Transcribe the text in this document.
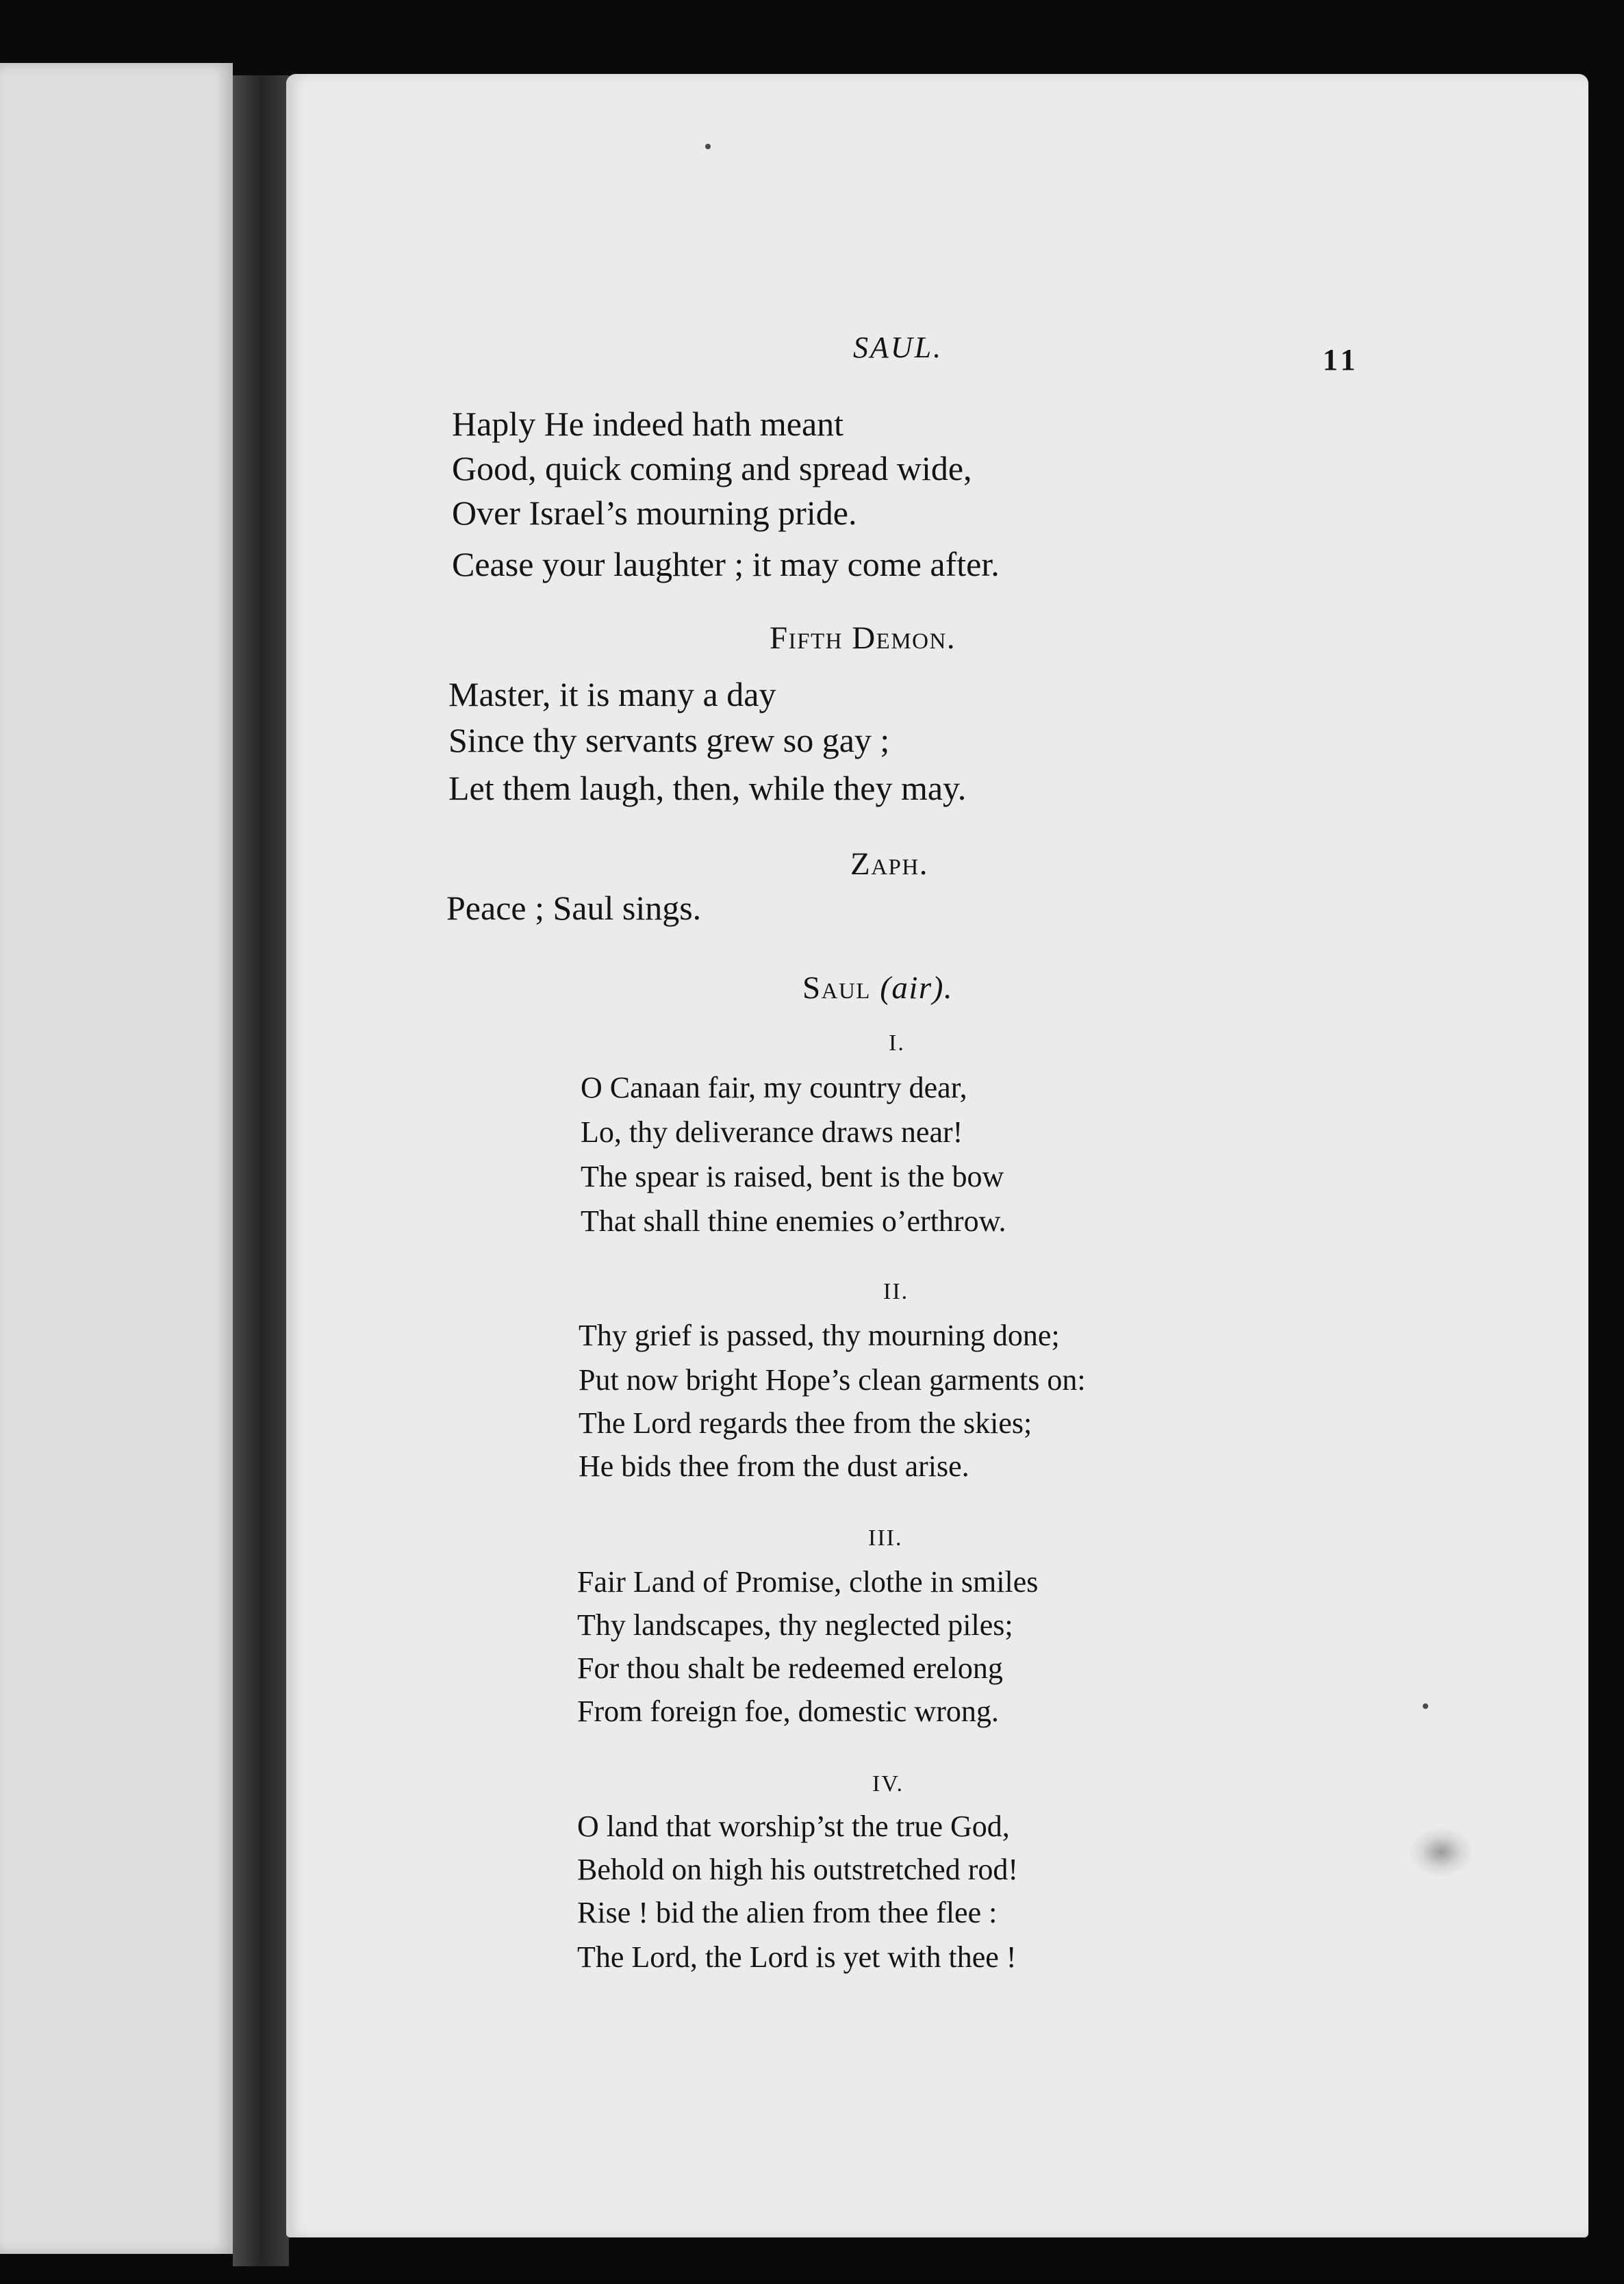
SAUL.	11
Haply He indeed hath meant
Good, quick coming and spread wide,
Over Israel’s mourning pride.
Cease your laughter ; it may come after.
Fifth Demon.
Master, it is many a day
Since thy servants grew so gay ;
Let them laugh, then, while they may.
Zaph.
Peace ; Saul sings.
Saul (air).
I.
O Canaan fair, my country dear,
Lo, thy deliverance draws near!
The spear is raised, bent is the bow
That shall thine enemies o’erthrow.
II.
Thy grief is passed, thy mourning done;
Put now bright Hope’s clean garments on:
The Lord regards thee from the skies;
He bids thee from the dust arise.
III.
Fair Land of Promise, clothe in smiles
Thy landscapes, thy neglected piles;
For thou shalt be redeemed erelong
From foreign foe, domestic wrong.
IV.
O land that worship’st the true God,
Behold on high his outstretched rod!
Rise ! bid the alien from thee flee :
The Lord, the Lord is yet with thee !
